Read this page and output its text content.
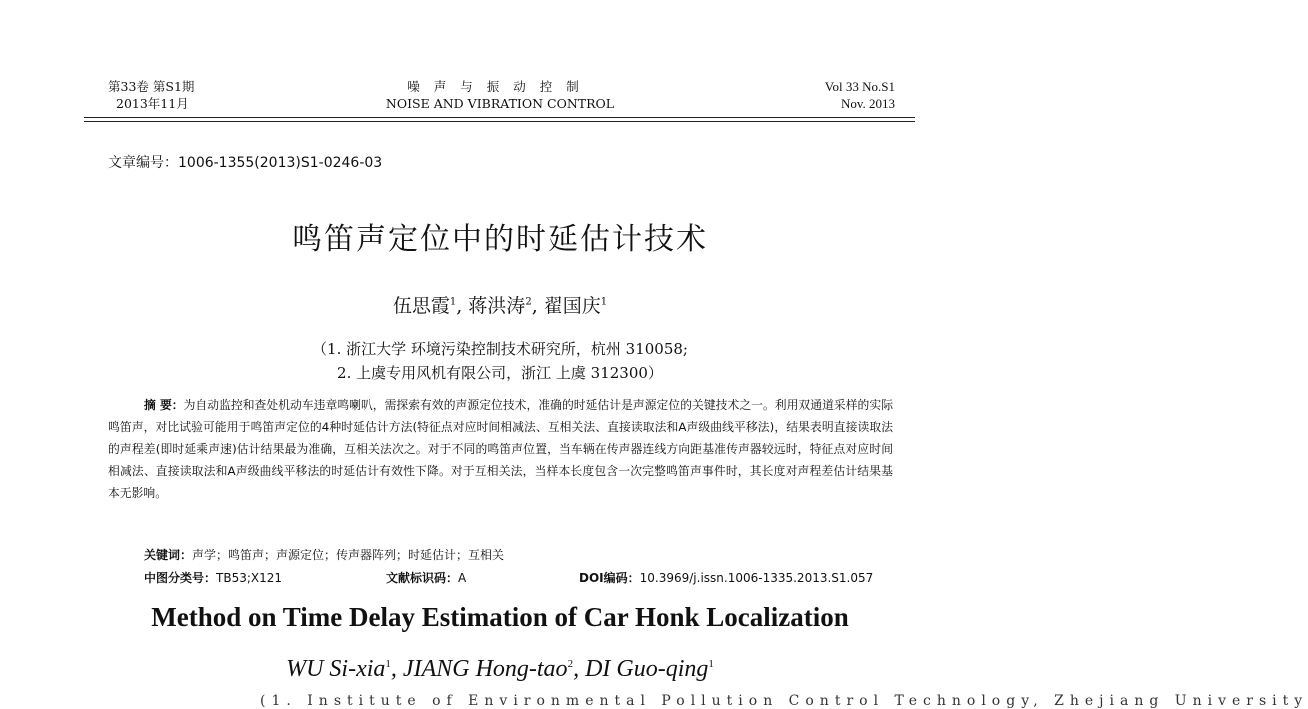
第33卷 第S1期
2013年11月
噪声与振动控制
NOISE AND VIBRATION CONTROL
Vol 33 No.S1
Nov. 2013
文章编号：1006-1355(2013)S1-0246-03
鸣笛声定位中的时延估计技术
伍思霞$^1$, 蒋洪涛$^2$, 翟国庆$^1$
（1. 浙江大学 环境污染控制技术研究所，杭州 310058;
2. 上虞专用风机有限公司，浙江 上虞 312300）
摘 要：为自动监控和查处机动车违章鸣喇叭，需探索有效的声源定位技术，准确的时延估计是声源定位的关键技术之一。利用双通道采样的实际鸣笛声，对比试验可能用于鸣笛声定位的4种时延估计方法(特征点对应时间相减法、互相关法、直接读取法和A声级曲线平移法)，结果表明直接读取法的声程差(即时延乘声速)估计结果最为准确，互相关法次之。对于不同的鸣笛声位置，当车辆在传声器连线方向距基准传声器较远时，特征点对应时间相减法、直接读取法和A声级曲线平移法的时延估计有效性下降。对于互相关法，当样本长度包含一次完整鸣笛声事件时，其长度对声程差估计结果基本无影响。
关键词：声学；鸣笛声；声源定位；传声器阵列；时延估计；互相关
中图分类号：TB53;X121	文献标识码：A	DOI编码：10.3969/j.issn.1006-1335.2013.S1.057
Method on Time Delay Estimation of Car Honk Localization
WU Si-xia$^1$, JIANG Hong-tao$^2$, DI Guo-qing$^1$
(1. Institute of Environmental Pollution Control Technology, Zhejiang University
